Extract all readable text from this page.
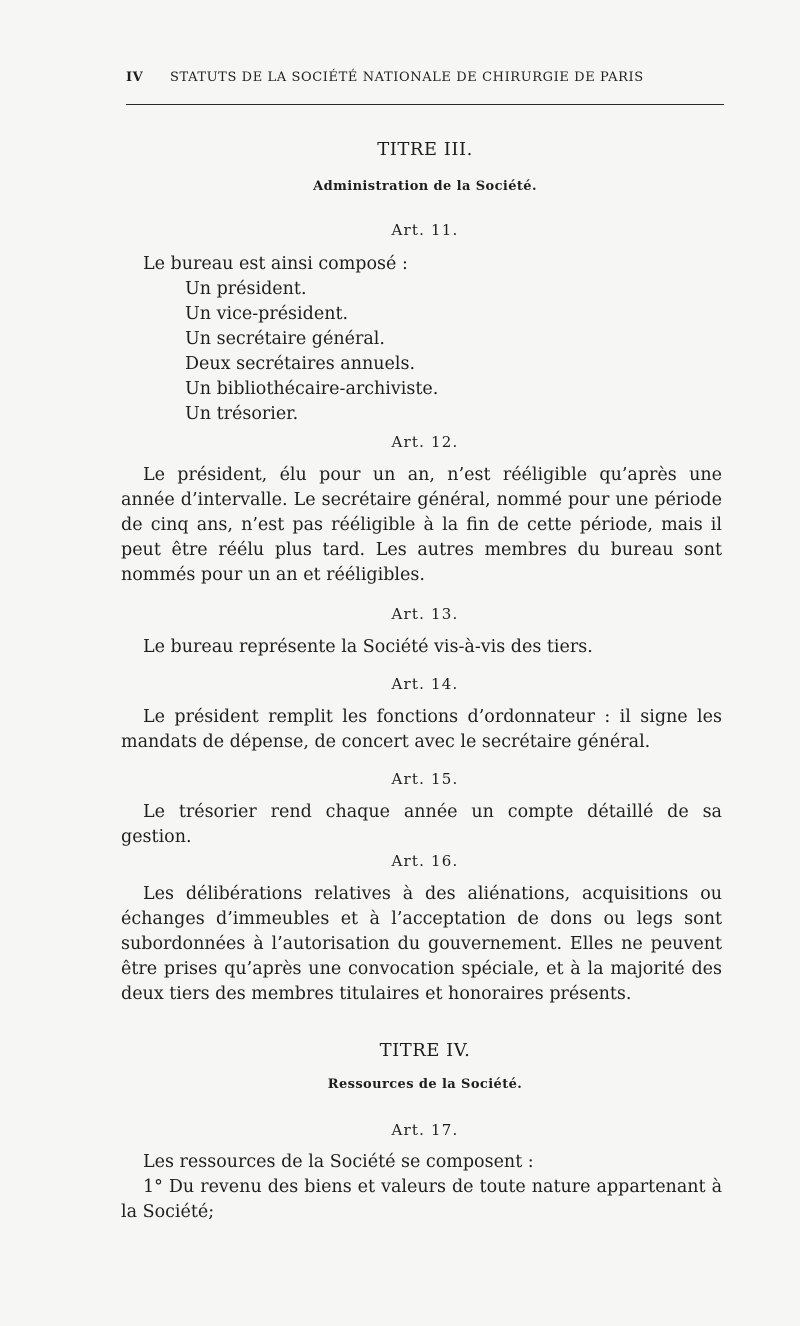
IV STATUTS DE LA SOCIÉTÉ NATIONALE DE CHIRURGIE DE PARIS
TITRE III.
Administration de la Société.
Art. 11.
Le bureau est ainsi composé :
Un président.
Un vice-président.
Un secrétaire général.
Deux secrétaires annuels.
Un bibliothécaire-archiviste.
Un trésorier.
Art. 12.
Le président, élu pour un an, n’est rééligible qu’après une
année d’intervalle. Le secrétaire général, nommé pour une période
de cinq ans, n’est pas rééligible à la fin de cette période, mais il
peut être réélu plus tard. Les autres membres du bureau sont
nommés pour un an et rééligibles.
Art. 13.
Le bureau représente la Société vis-à-vis des tiers.
Art. 14.
Le président remplit les fonctions d’ordonnateur : il signe les
mandats de dépense, de concert avec le secrétaire général.
Art. 15.
Le trésorier rend chaque année un compte détaillé de sa
gestion.
Art. 16.
Les délibérations relatives à des aliénations, acquisitions ou
échanges d’immeubles et à l’acceptation de dons ou legs sont
subordonnées à l’autorisation du gouvernement. Elles ne peuvent
être prises qu’après une convocation spéciale, et à la majorité des
deux tiers des membres titulaires et honoraires présents.
TITRE IV.
Ressources de la Société.
Art. 17.
Les ressources de la Société se composent :
1° Du revenu des biens et valeurs de toute nature appartenant à
la Société;
